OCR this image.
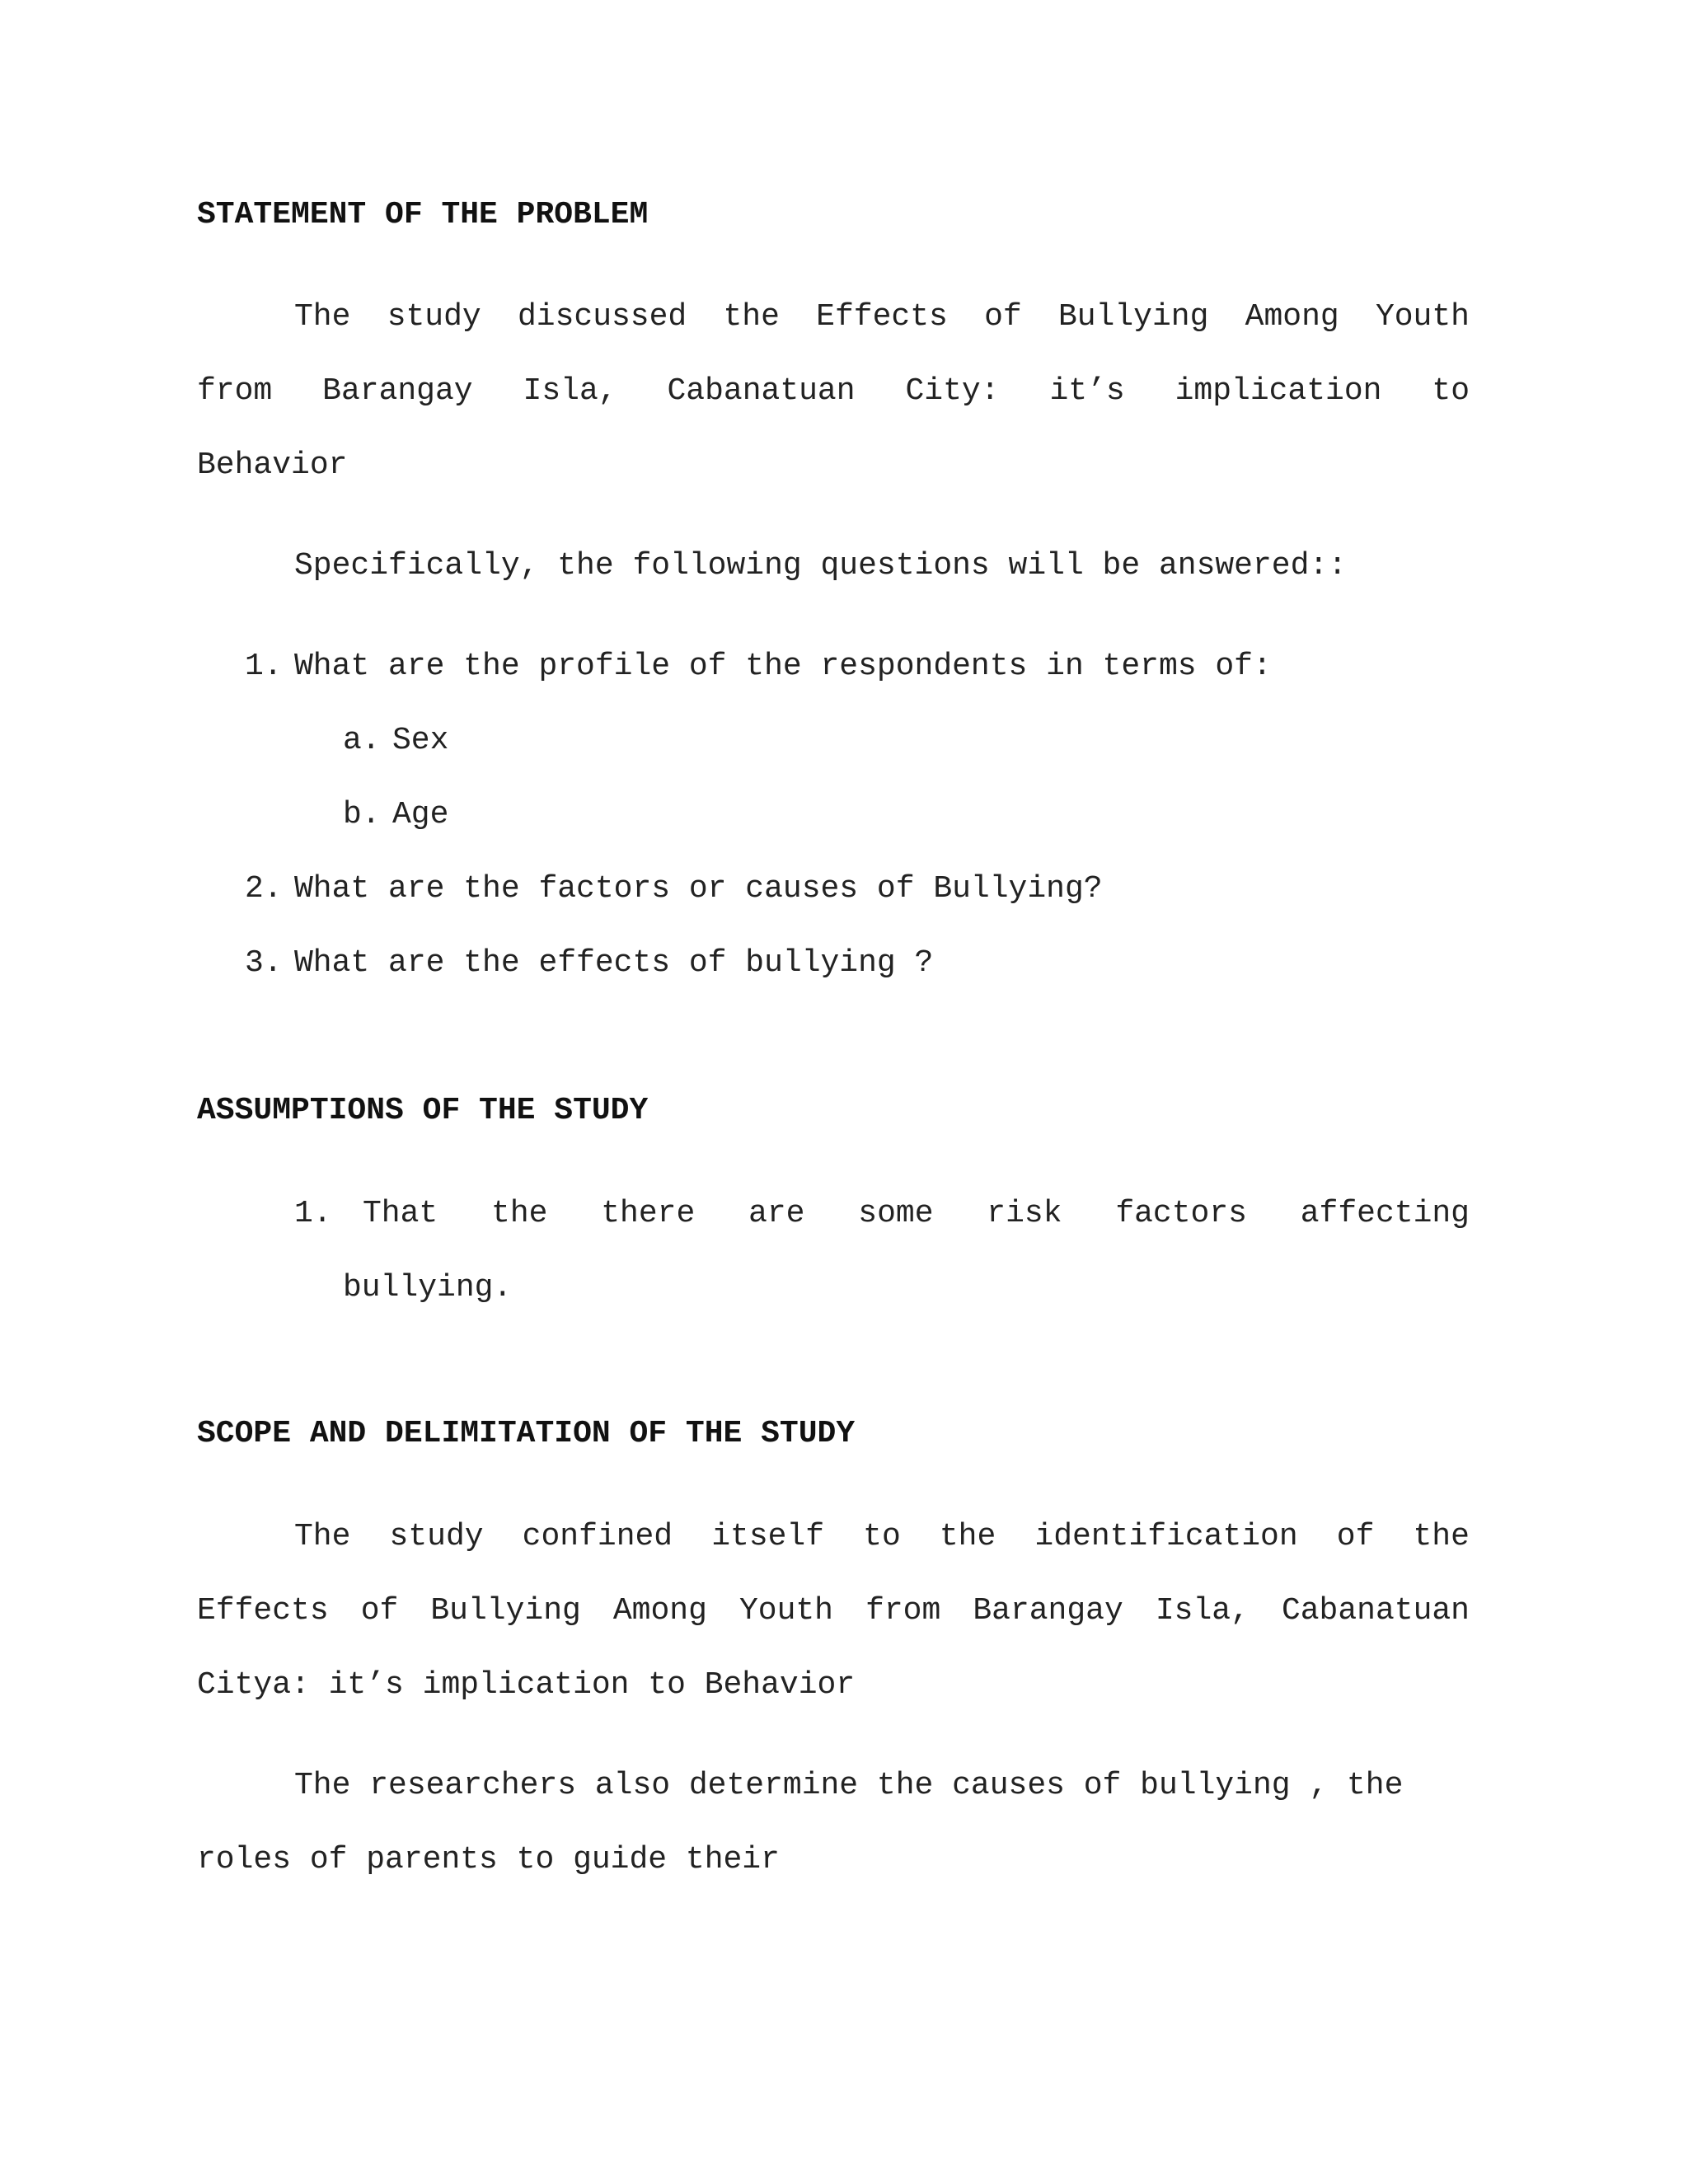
STATEMENT OF THE PROBLEM
The study discussed the Effects of Bullying Among Youth
from Barangay Isla, Cabanatuan City: it’s implication to
Behavior
Specifically, the following questions will be answered::
1. What are the profile of the respondents in terms of:
a. Sex
b. Age
2. What are the factors or causes of Bullying?
3. What are the effects of bullying ?
ASSUMPTIONS OF THE STUDY
1. That the there are some risk factors affecting
bullying.
SCOPE AND DELIMITATION OF THE STUDY
The study confined itself to the identification of the
Effects of Bullying Among Youth from Barangay Isla, Cabanatuan
Citya: it’s implication to Behavior
The researchers also determine the causes of bullying , the
roles of parents to guide their
